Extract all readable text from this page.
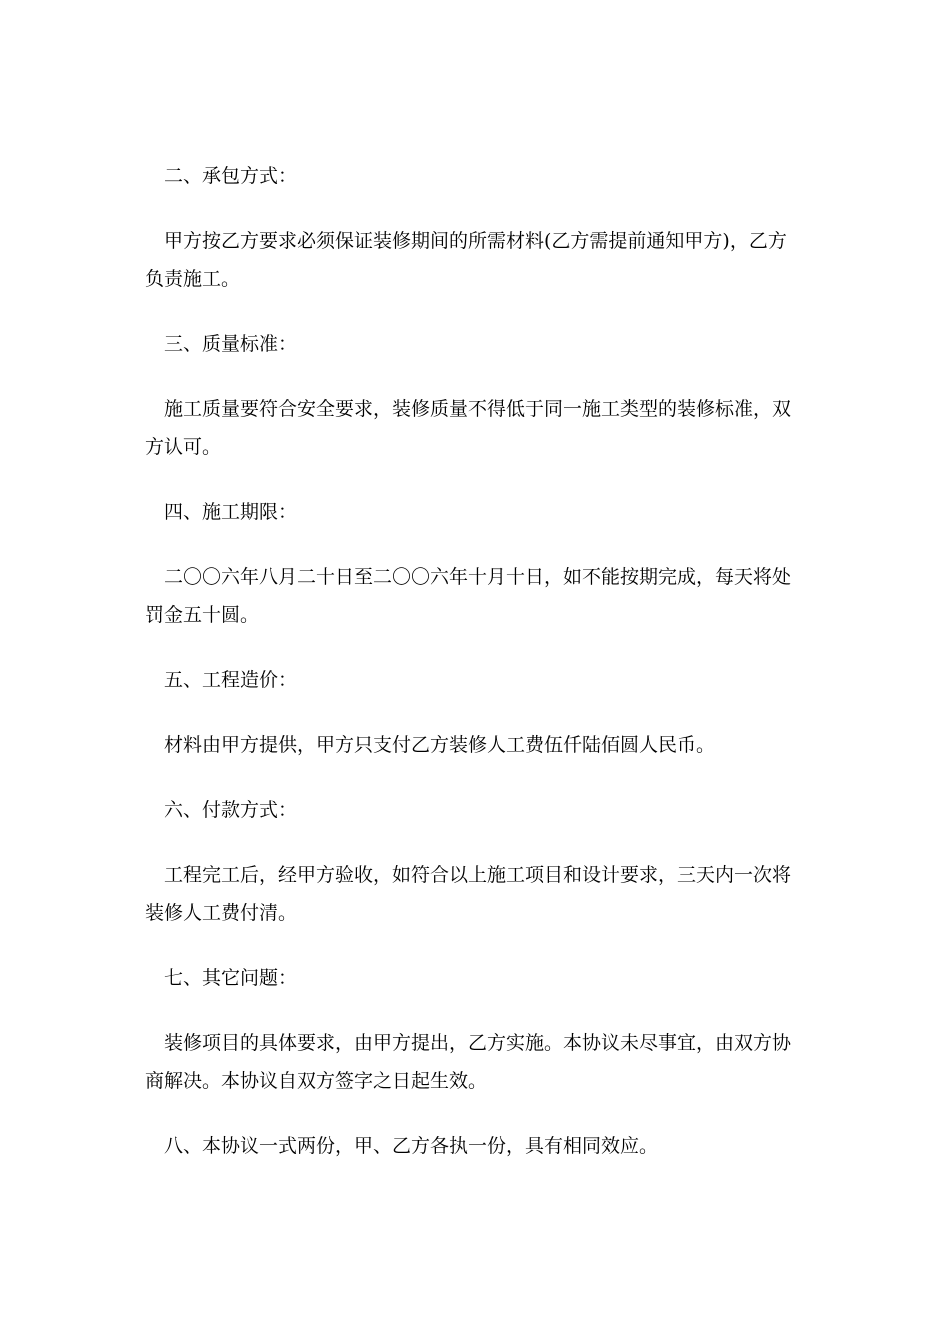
二、承包方式：

甲方按乙方要求必须保证装修期间的所需材料(乙方需提前通知甲方)，乙方负责施工。

三、质量标准：

施工质量要符合安全要求，装修质量不得低于同一施工类型的装修标准，双方认可。

四、施工期限：

二〇〇六年八月二十日至二〇〇六年十月十日，如不能按期完成，每天将处罚金五十圆。

五、工程造价：

材料由甲方提供，甲方只支付乙方装修人工费伍仟陆佰圆人民币。

六、付款方式：

工程完工后，经甲方验收，如符合以上施工项目和设计要求，三天内一次将装修人工费付清。

七、其它问题：

装修项目的具体要求，由甲方提出，乙方实施。本协议未尽事宜，由双方协商解决。本协议自双方签字之日起生效。

八、本协议一式两份，甲、乙方各执一份，具有相同效应。
